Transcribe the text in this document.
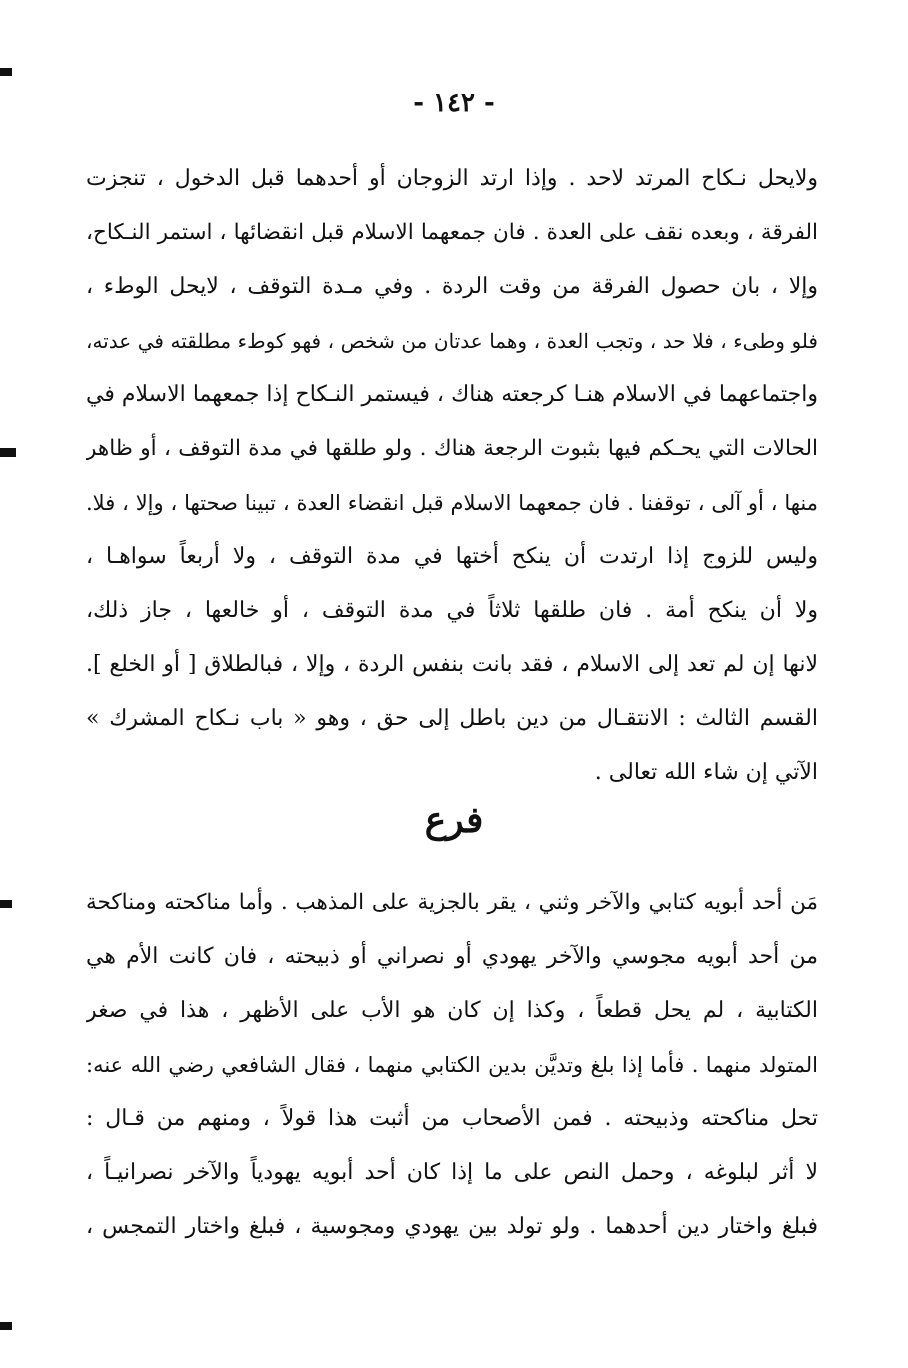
- ١٤٢ -
ولايحل نـكاح المرتد لاحد . وإذا ارتد الزوجان أو أحدهما قبل الدخول ، تنجزت
الفرقة ، وبعده نقف على العدة . فان جمعهما الاسلام قبل انقضائها ، استمر النـكاح،
وإلا ، بان حصول الفرقة من وقت الردة . وفي مـدة التوقف ، لايحل الوطء ،
فلو وطىء ، فلا حد ، وتجب العدة ، وهما عدتان من شخص ، فهو كوطء مطلقته في عدته،
واجتماعهما في الاسلام هنـا كرجعته هناك ، فيستمر النـكاح إذا جمعهما الاسلام في
الحالات التي يحـكم فيها بثبوت الرجعة هناك . ولو طلقها في مدة التوقف ، أو ظاهر
منها ، أو آلى ، توقفنا . فان جمعهما الاسلام قبل انقضاء العدة ، تبينا صحتها ، وإلا ، فلا.
وليس للزوج إذا ارتدت أن ينكح أختها في مدة التوقف ، ولا أربعاً سواهـا ،
ولا أن ينكح أمة . فان طلقها ثلاثاً في مدة التوقف ، أو خالعها ، جاز ذلك،
لانها إن لم تعد إلى الاسلام ، فقد بانت بنفس الردة ، وإلا ، فبالطلاق [ أو الخلع ].
القسم الثالث : الانتقـال من دين باطل إلى حق ، وهو « باب نـكاح المشرك »
الآتي إن شاء الله تعالى .
فرع
مَن أحد أبويه كتابي والآخر وثني ، يقر بالجزية على المذهب . وأما مناكحته ومناكحة
من أحد أبويه مجوسي والآخر يهودي أو نصراني أو ذبيحته ، فان كانت الأم هي
الكتابية ، لم يحل قطعاً ، وكذا إن كان هو الأب على الأظهر ، هذا في صغر
المتولد منهما . فأما إذا بلغ وتديَّن بدين الكتابي منهما ، فقال الشافعي رضي الله عنه:
تحل مناكحته وذبيحته . فمن الأصحاب من أثبت هذا قولاً ، ومنهم من قـال :
لا أثر لبلوغه ، وحمل النص على ما إذا كان أحد أبويه يهودياً والآخر نصرانيـاً ،
فبلغ واختار دين أحدهما . ولو تولد بين يهودي ومجوسية ، فبلغ واختار التمجس ،
